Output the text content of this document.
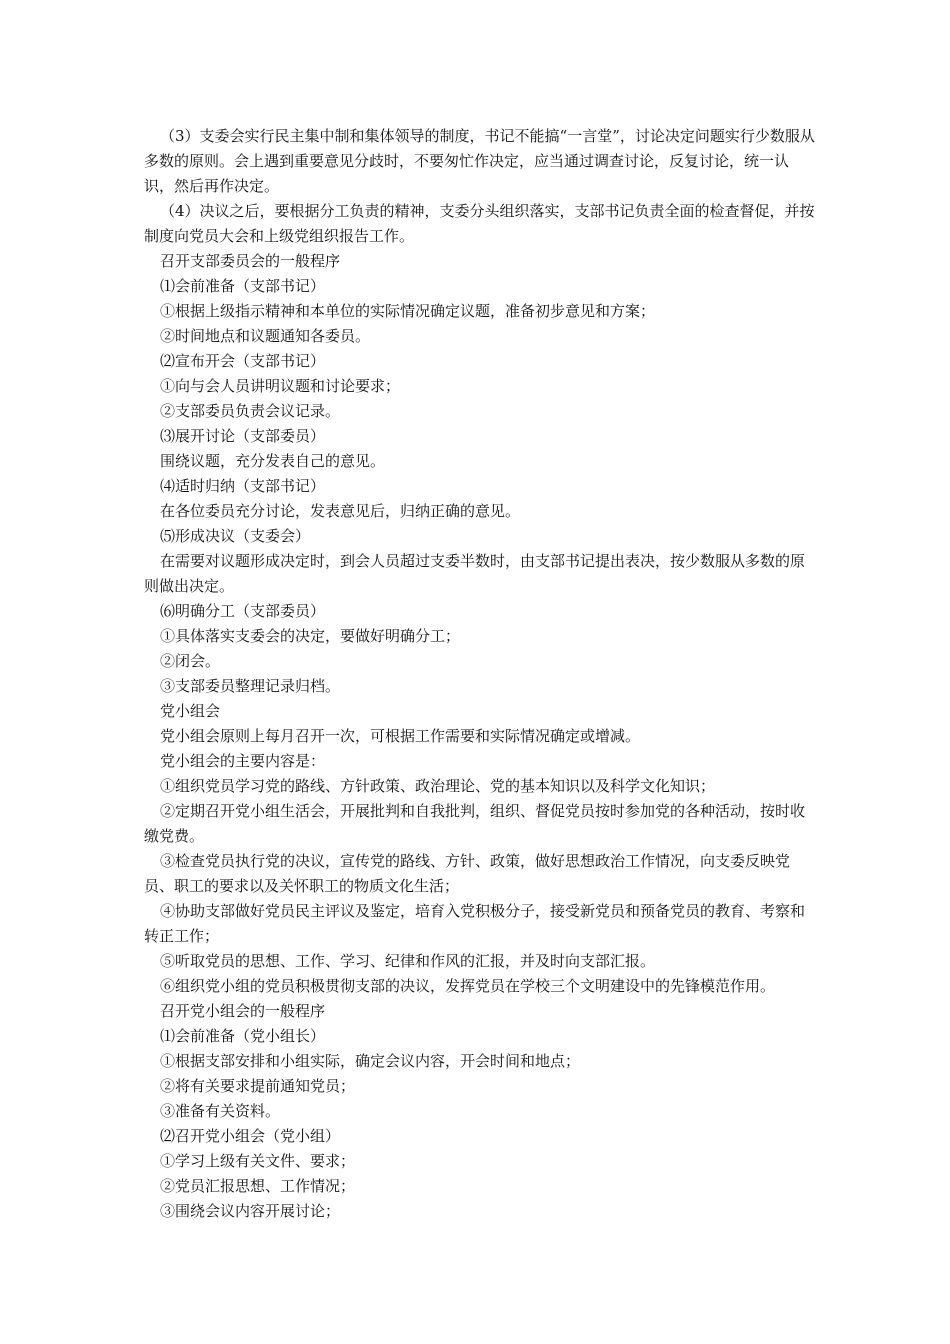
（3）支委会实行民主集中制和集体领导的制度，书记不能搞“一言堂”，讨论决定问题实行少数服从多数的原则。会上遇到重要意见分歧时，不要匆忙作决定，应当通过调查讨论，反复讨论，统一认识，然后再作决定。

（4）决议之后，要根据分工负责的精神，支委分头组织落实，支部书记负责全面的检查督促，并按制度向党员大会和上级党组织报告工作。

召开支部委员会的一般程序

⑴会前准备（支部书记）

①根据上级指示精神和本单位的实际情况确定议题，准备初步意见和方案；

②时间地点和议题通知各委员。

⑵宣布开会（支部书记）

①向与会人员讲明议题和讨论要求；

②支部委员负责会议记录。

⑶展开讨论（支部委员）

围绕议题，充分发表自己的意见。

⑷适时归纳（支部书记）

在各位委员充分讨论，发表意见后，归纳正确的意见。

⑸形成决议（支委会）

在需要对议题形成决定时，到会人员超过支委半数时，由支部书记提出表决，按少数服从多数的原则做出决定。

⑹明确分工（支部委员）

①具体落实支委会的决定，要做好明确分工；

②闭会。

③支部委员整理记录归档。

党小组会

党小组会原则上每月召开一次，可根据工作需要和实际情况确定或增减。

党小组会的主要内容是：

①组织党员学习党的路线、方针政策、政治理论、党的基本知识以及科学文化知识；

②定期召开党小组生活会，开展批判和自我批判，组织、督促党员按时参加党的各种活动，按时收缴党费。

③检查党员执行党的决议，宣传党的路线、方针、政策，做好思想政治工作情况，向支委反映党员、职工的要求以及关怀职工的物质文化生活；

④协助支部做好党员民主评议及鉴定，培育入党积极分子，接受新党员和预备党员的教育、考察和转正工作；

⑤听取党员的思想、工作、学习、纪律和作风的汇报，并及时向支部汇报。

⑥组织党小组的党员积极贯彻支部的决议，发挥党员在学校三个文明建设中的先锋模范作用。

召开党小组会的一般程序

⑴会前准备（党小组长）

①根据支部安排和小组实际，确定会议内容，开会时间和地点；

②将有关要求提前通知党员；

③准备有关资料。

⑵召开党小组会（党小组）

①学习上级有关文件、要求；

②党员汇报思想、工作情况；

③围绕会议内容开展讨论；
